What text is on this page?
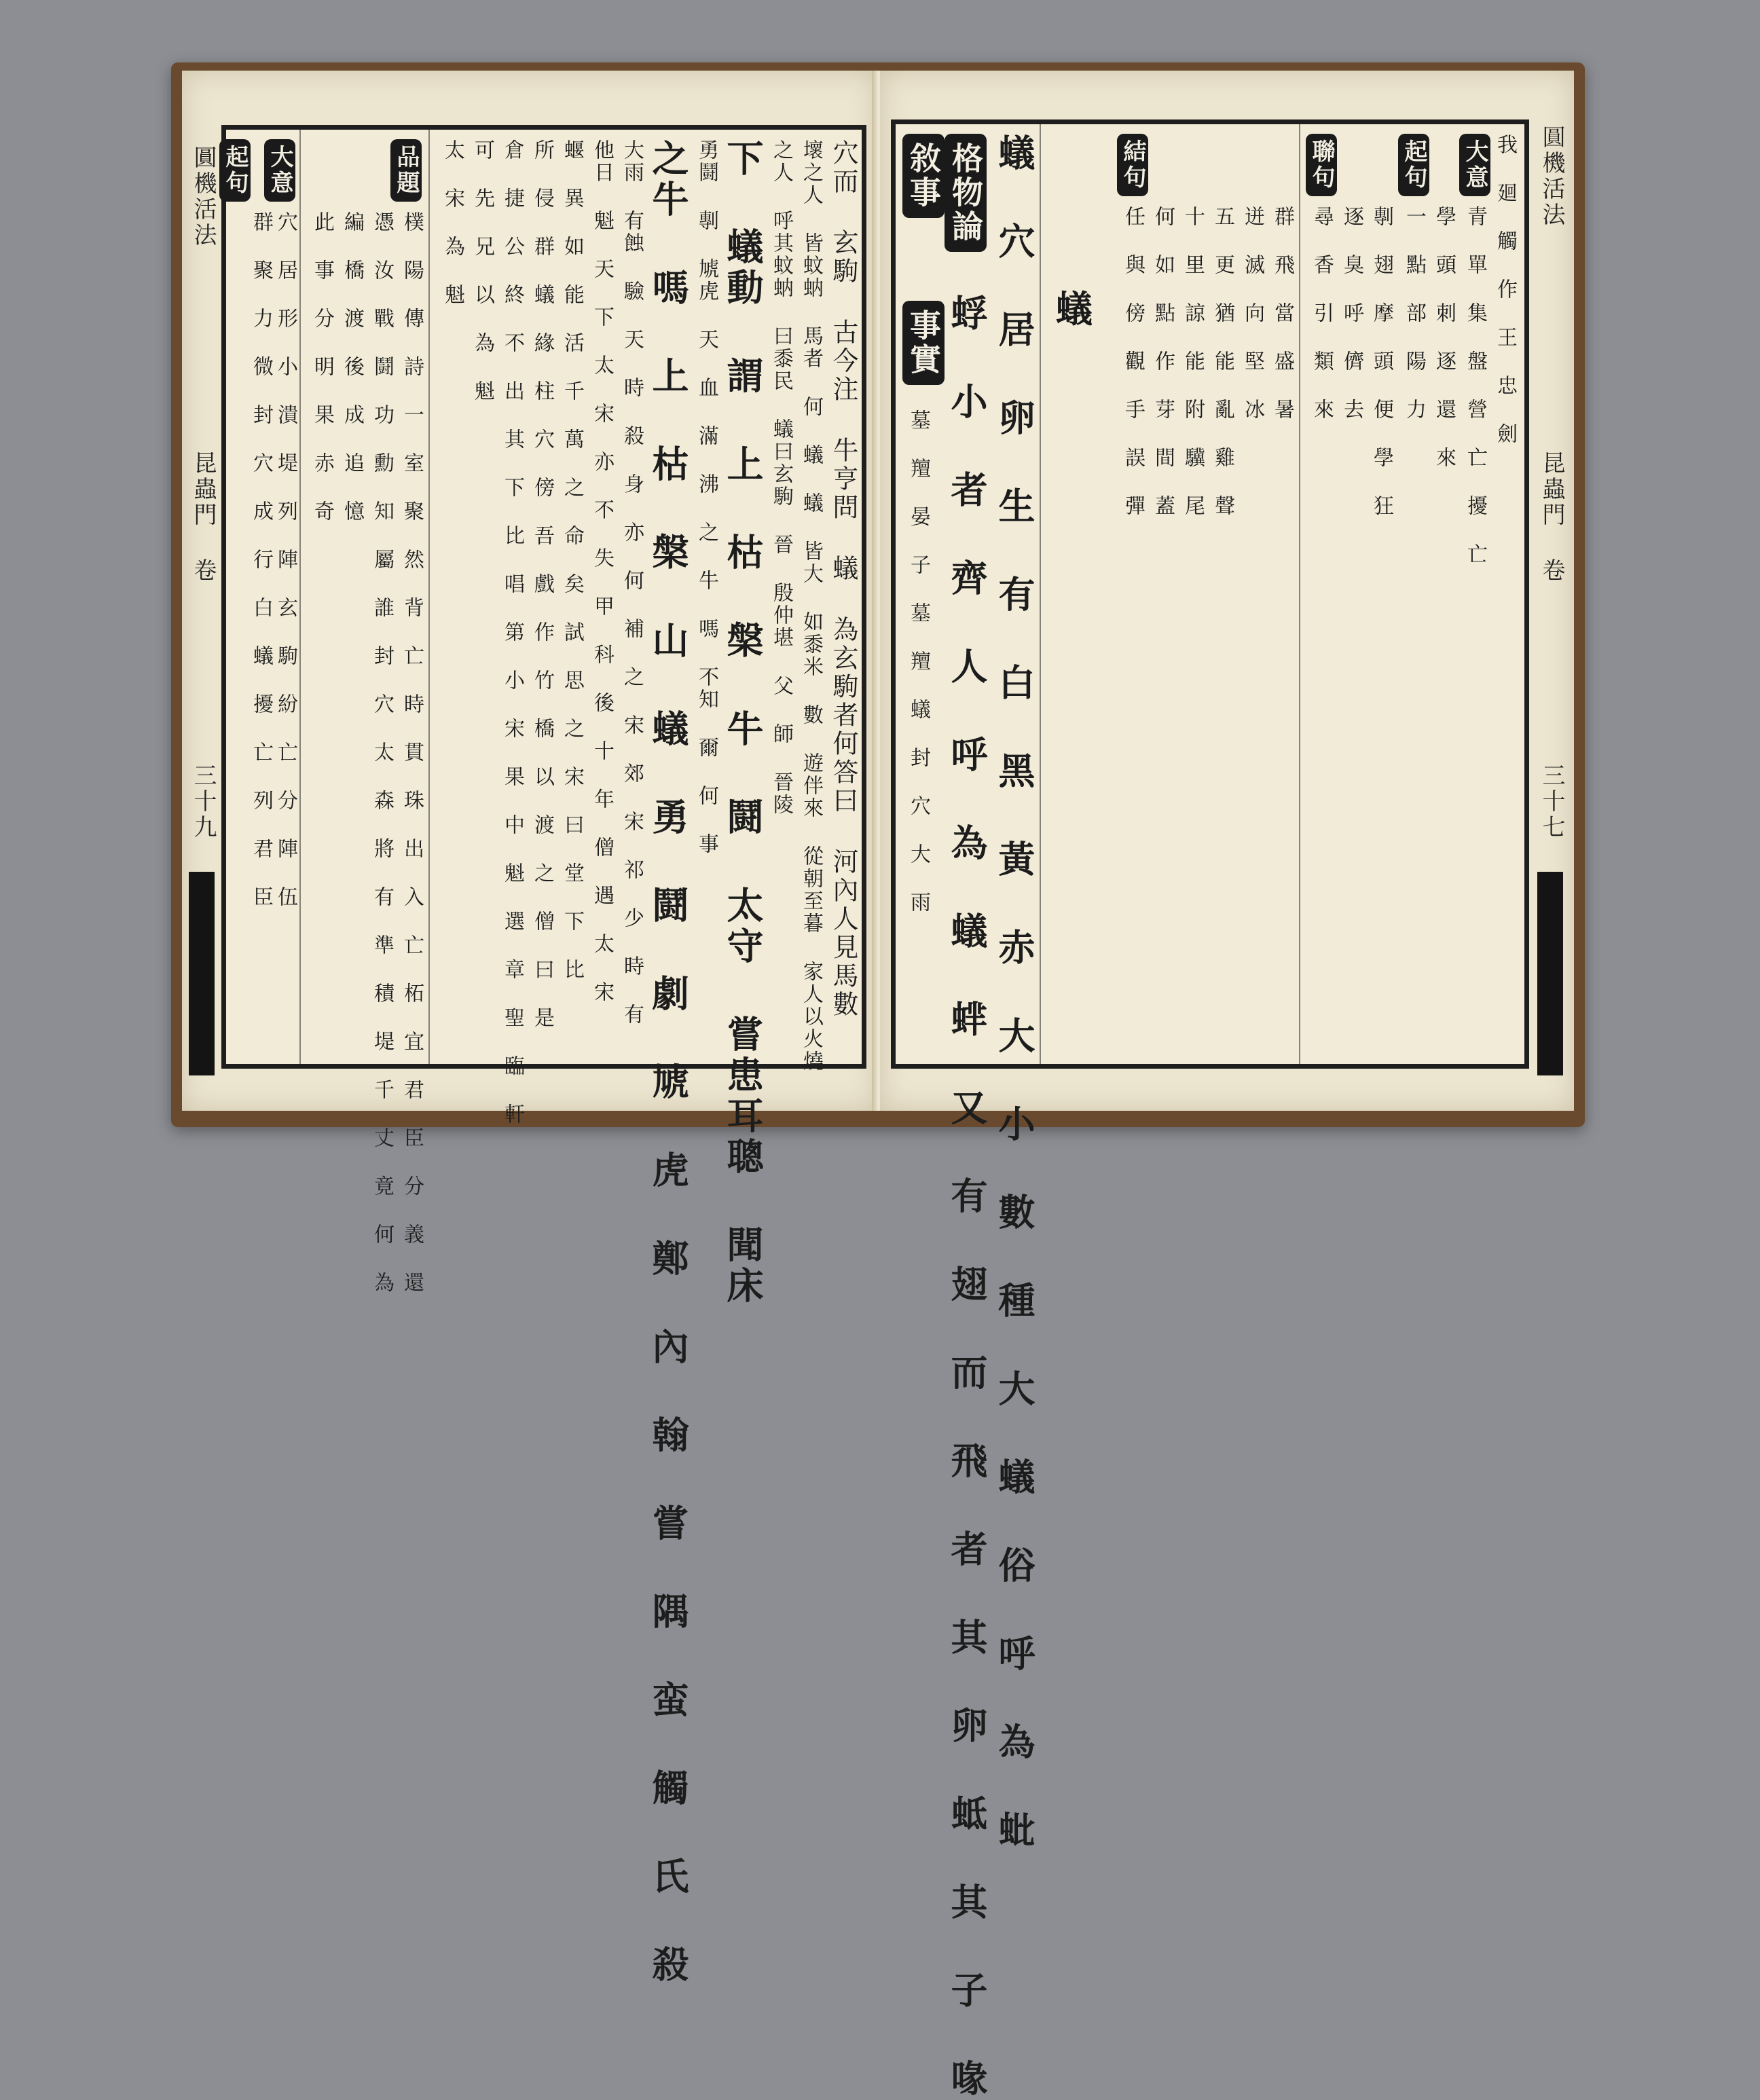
圓機活法
昆蟲門 卷
三十九	穴而 玄駒 古今注 牛亨問 蟻 為玄駒者何答曰 河內人見馬數
壞之人 皆蚊蚋 馬者 何 蟻 蟻 皆大 如黍米 數 遊伴來 從朝至暮 家人以火燒
之人 呼其蚊蚋 曰黍民 蟻曰玄駒 晉 殷仲堪 父 師 晉陵
下 蟻動 謂 上 枯 槃 牛 鬪 太守 嘗患耳聰 聞床
勇鬪 剸 虓虎 天 血 滿 沸 之 牛 嗎 不知 爾 何 事
之牛 嗎 上 枯 槃 山 蟻 勇 鬪 劇 虓 虎 鄭 內 翰 嘗 隅 蛮 觸 氏 殺
大雨 有蝕 驗 天 時 殺 身 亦 何 補 之 宋 郊 宋 祁 少 時 有
他日 魁 天 下 太 宋 亦 不 失 甲 科 後 十 年 僧 遇 太 宋
蝘 異 如 能 活 千 萬 之 命 矣 試 思 之 宋 曰 堂 下 比
所 侵 群 蟻 緣 柱 穴 傍 吾 戲 作 竹 橋 以 渡 之 僧 曰 是
倉 捷 公 終 不 出 其 下 比 唱 第 小 宋 果 中 魁 選 章 聖 臨 軒
可 先 兄 以 為 魁
太 宋 為 魁
品題
樸 陽 傳 詩 一 室 聚 然 背 亡 時 貫 珠 出 入 亡 柘 宜 君 臣 分 義 還
憑 汝 戰 鬪 功 勳 知 屬 誰 封 穴 太 森 將 有 準 積 堤 千 丈 竟 何 為
編 橋 渡 後 成 追 憶
此 事 分 明 果 赤 奇
大意
穴 居 形 小 潰 堤 列 陣 玄 駒 紛 亡 分 陣 伍
群 聚 力 微 封 穴 成 行 白 蟻 擾 亡 列 君 臣
起句	敘事 格物論 蟻 穴 居 卵 生 有 白 黑 黃 赤 大 小 數 種 大 蟻 俗 呼 為 蚍
蜉 小 者 齊 人 呼 為 蟻 蝆 又 有 翅 而 飛 者 其 卵 蚳 其 子 喙
事實
墓 羶 晏 子 墓 羶 蟻 封 穴 大 雨
蟻
結句
任 與 傍 觀 手 誤 彈 何 如 點 作 芽 間 蓋 十 里 諒 能 附 驥 尾 五 更 猶 能 亂 雞 聲 迸 滅 向 堅 冰 群 飛 當 盛 暑
聯句
尋 香 引 類 來 逐 臭 呼 儕 去 剸 翅 摩 頭 便 學 狂
起句
一 點 部 陽 力 學 頭 刺 逐 還 來
大意
青 單 集 盤 營 亡 擾 亡 我 廻 觸 作 王 忠 劍 圓機活法
昆蟲門 卷
三十七
